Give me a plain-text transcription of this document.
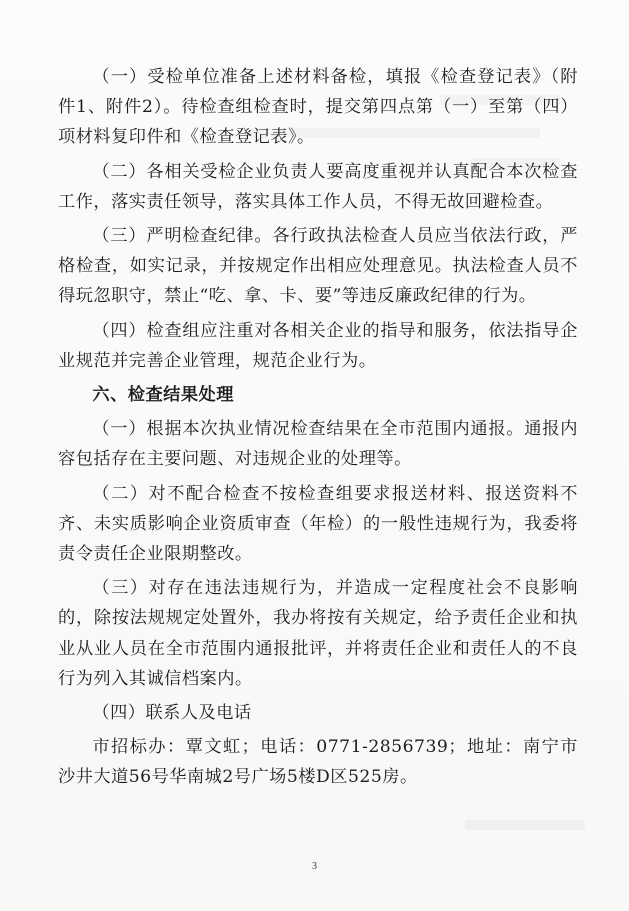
（一）受检单位准备上述材料备检，填报《检查登记表》（附件1、附件2）。待检查组检查时，提交第四点第（一）至第（四）项材料复印件和《检查登记表》。

（二）各相关受检企业负责人要高度重视并认真配合本次检查工作，落实责任领导，落实具体工作人员，不得无故回避检查。

（三）严明检查纪律。各行政执法检查人员应当依法行政，严格检查，如实记录，并按规定作出相应处理意见。执法检查人员不得玩忽职守，禁止“吃、拿、卡、要”等违反廉政纪律的行为。

（四）检查组应注重对各相关企业的指导和服务，依法指导企业规范并完善企业管理，规范企业行为。

六、检查结果处理

（一）根据本次执业情况检查结果在全市范围内通报。通报内容包括存在主要问题、对违规企业的处理等。

（二）对不配合检查不按检查组要求报送材料、报送资料不齐、未实质影响企业资质审查（年检）的一般性违规行为，我委将责令责任企业限期整改。

（三）对存在违法违规行为，并造成一定程度社会不良影响的，除按法规规定处置外，我办将按有关规定，给予责任企业和执业从业人员在全市范围内通报批评，并将责任企业和责任人的不良行为列入其诚信档案内。

（四）联系人及电话

市招标办：覃文虹；电话：0771-2856739；地址：南宁市沙井大道56号华南城2号广场5楼D区525房。

3
